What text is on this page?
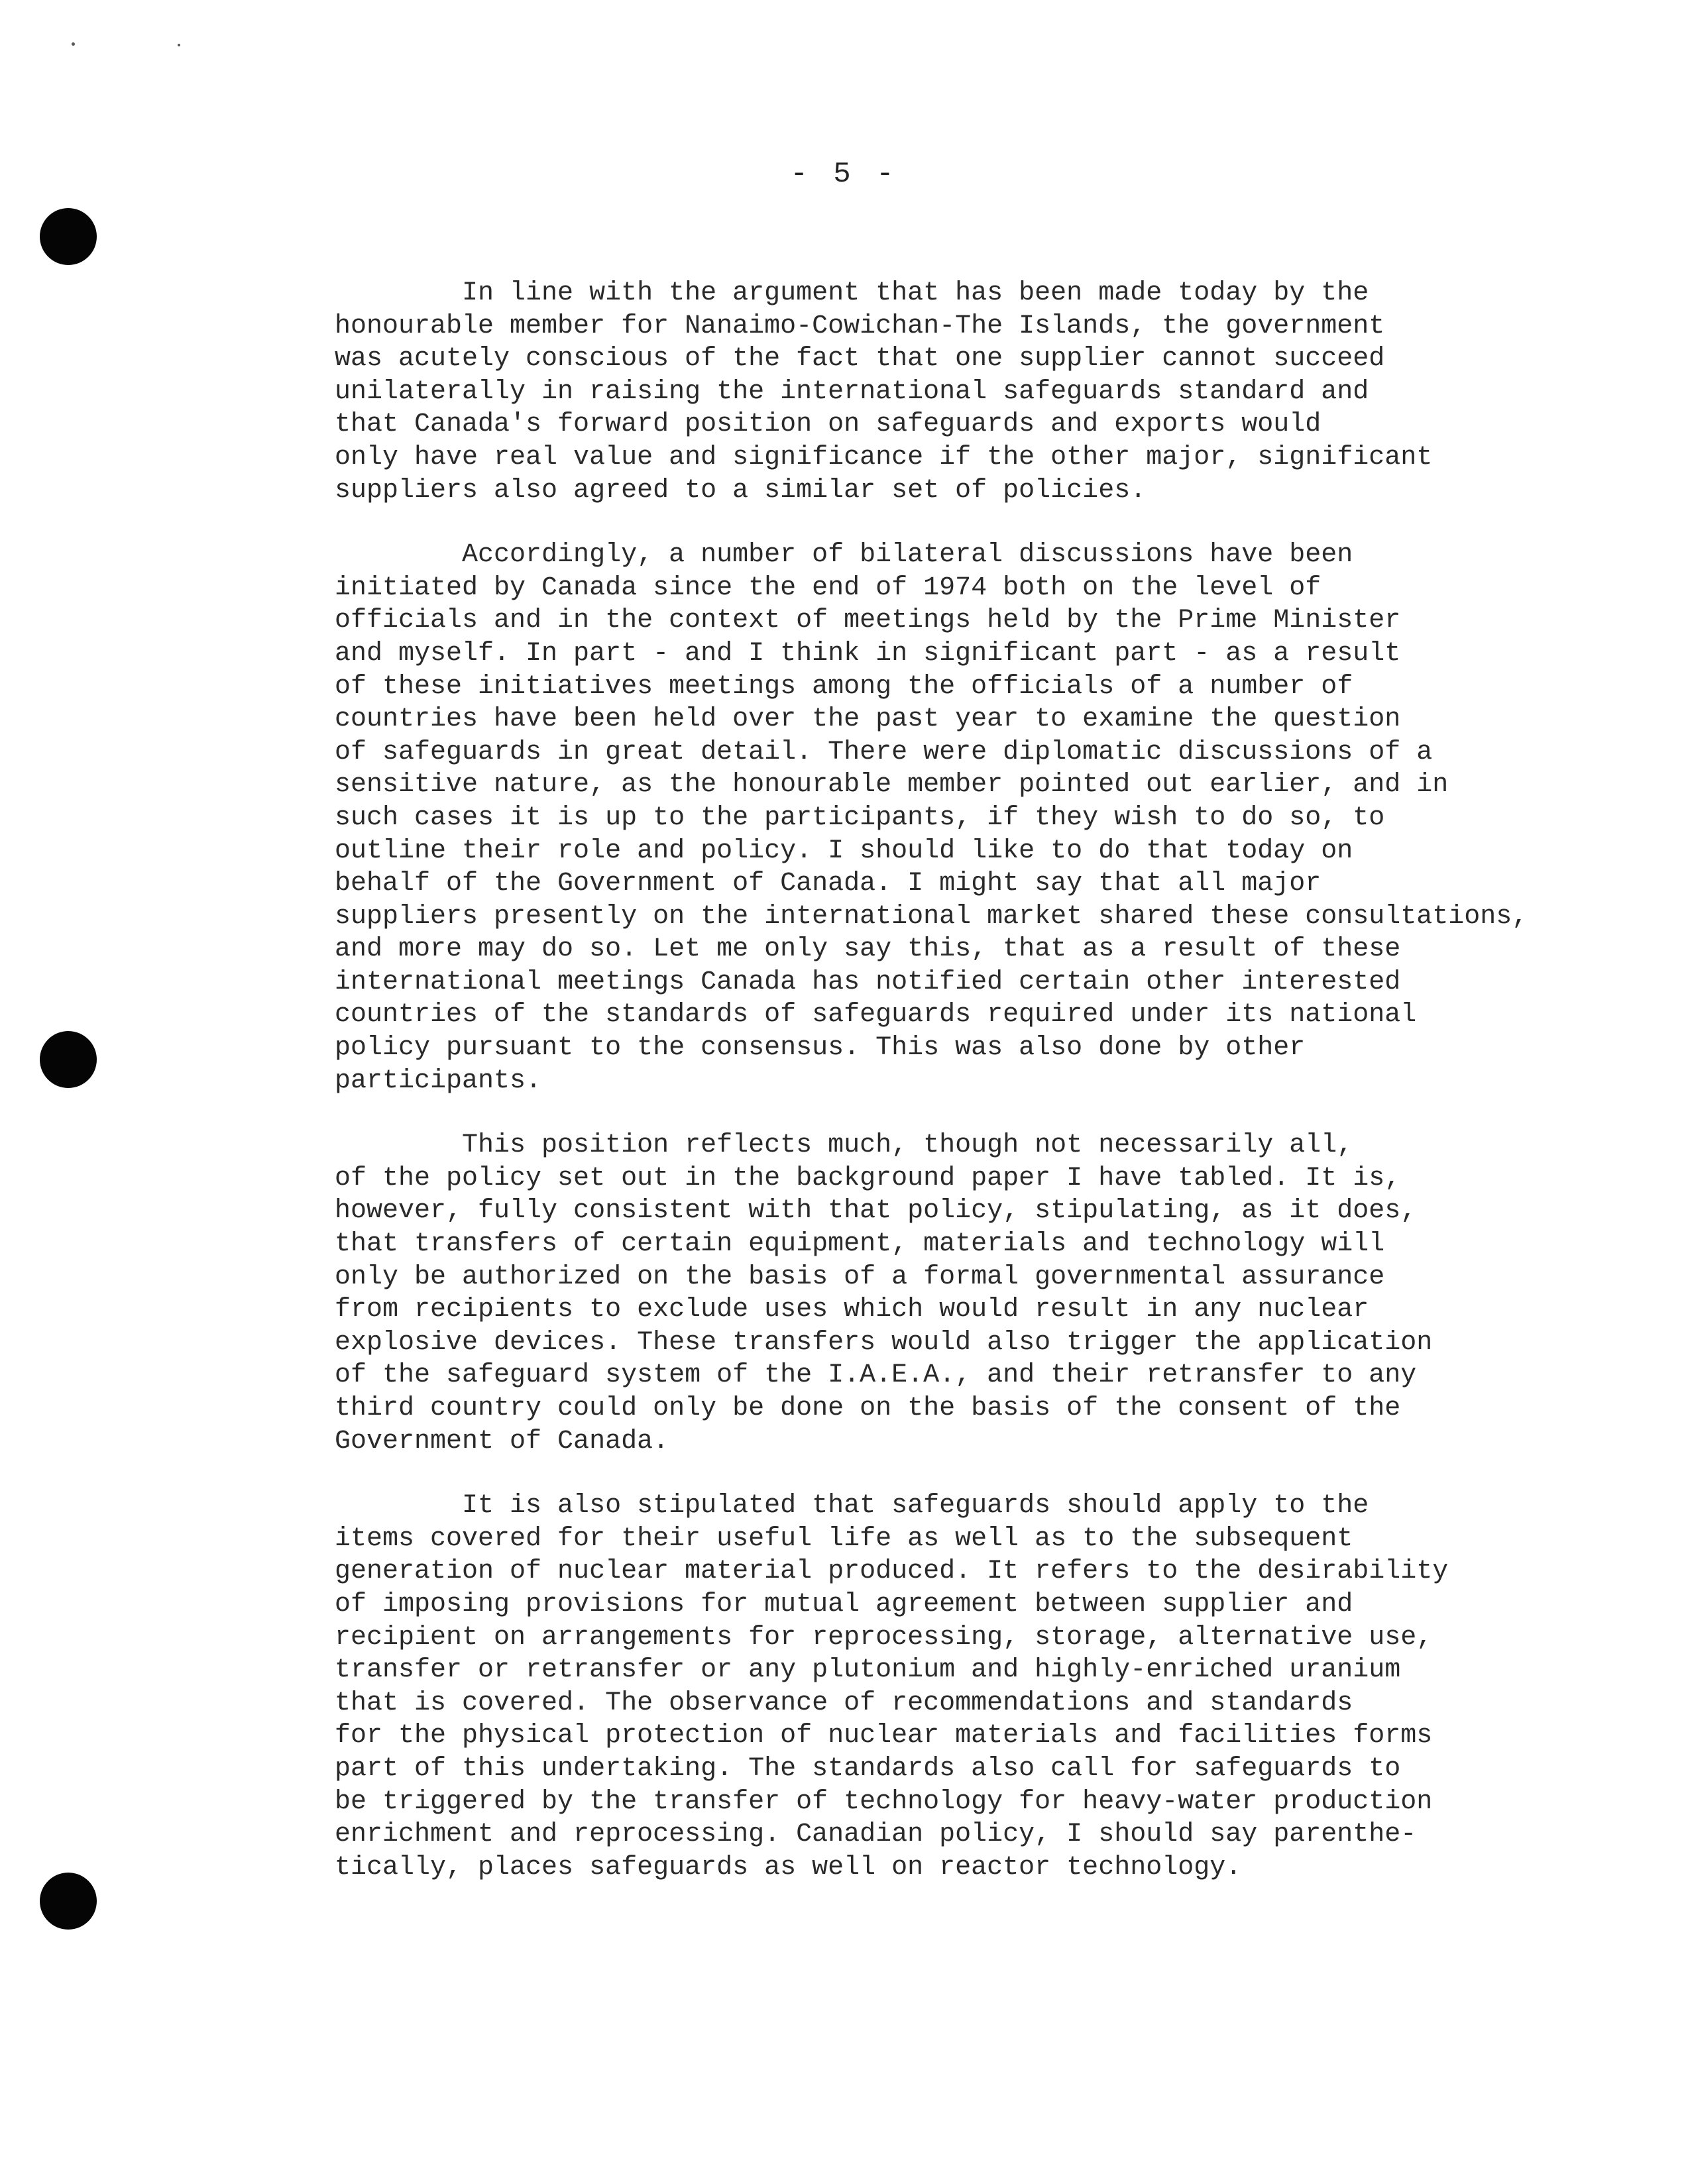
- 5 -
In line with the argument that has been made today by the
honourable member for Nanaimo-Cowichan-The Islands, the government
was acutely conscious of the fact that one supplier cannot succeed
unilaterally in raising the international safeguards standard and
that Canada's forward position on safeguards and exports would
only have real value and significance if the other major, significant
suppliers also agreed to a similar set of policies.
Accordingly, a number of bilateral discussions have been
initiated by Canada since the end of 1974 both on the level of
officials and in the context of meetings held by the Prime Minister
and myself. In part - and I think in significant part - as a result
of these initiatives meetings among the officials of a number of
countries have been held over the past year to examine the question
of safeguards in great detail. There were diplomatic discussions of a
sensitive nature, as the honourable member pointed out earlier, and in
such cases it is up to the participants, if they wish to do so, to
outline their role and policy. I should like to do that today on
behalf of the Government of Canada. I might say that all major
suppliers presently on the international market shared these consultations,
and more may do so. Let me only say this, that as a result of these
international meetings Canada has notified certain other interested
countries of the standards of safeguards required under its national
policy pursuant to the consensus. This was also done by other
participants.
This position reflects much, though not necessarily all,
of the policy set out in the background paper I have tabled. It is,
however, fully consistent with that policy, stipulating, as it does,
that transfers of certain equipment, materials and technology will
only be authorized on the basis of a formal governmental assurance
from recipients to exclude uses which would result in any nuclear
explosive devices. These transfers would also trigger the application
of the safeguard system of the I.A.E.A., and their retransfer to any
third country could only be done on the basis of the consent of the
Government of Canada.
It is also stipulated that safeguards should apply to the
items covered for their useful life as well as to the subsequent
generation of nuclear material produced. It refers to the desirability
of imposing provisions for mutual agreement between supplier and
recipient on arrangements for reprocessing, storage, alternative use,
transfer or retransfer or any plutonium and highly-enriched uranium
that is covered. The observance of recommendations and standards
for the physical protection of nuclear materials and facilities forms
part of this undertaking. The standards also call for safeguards to
be triggered by the transfer of technology for heavy-water production
enrichment and reprocessing. Canadian policy, I should say parenthe-
tically, places safeguards as well on reactor technology.
